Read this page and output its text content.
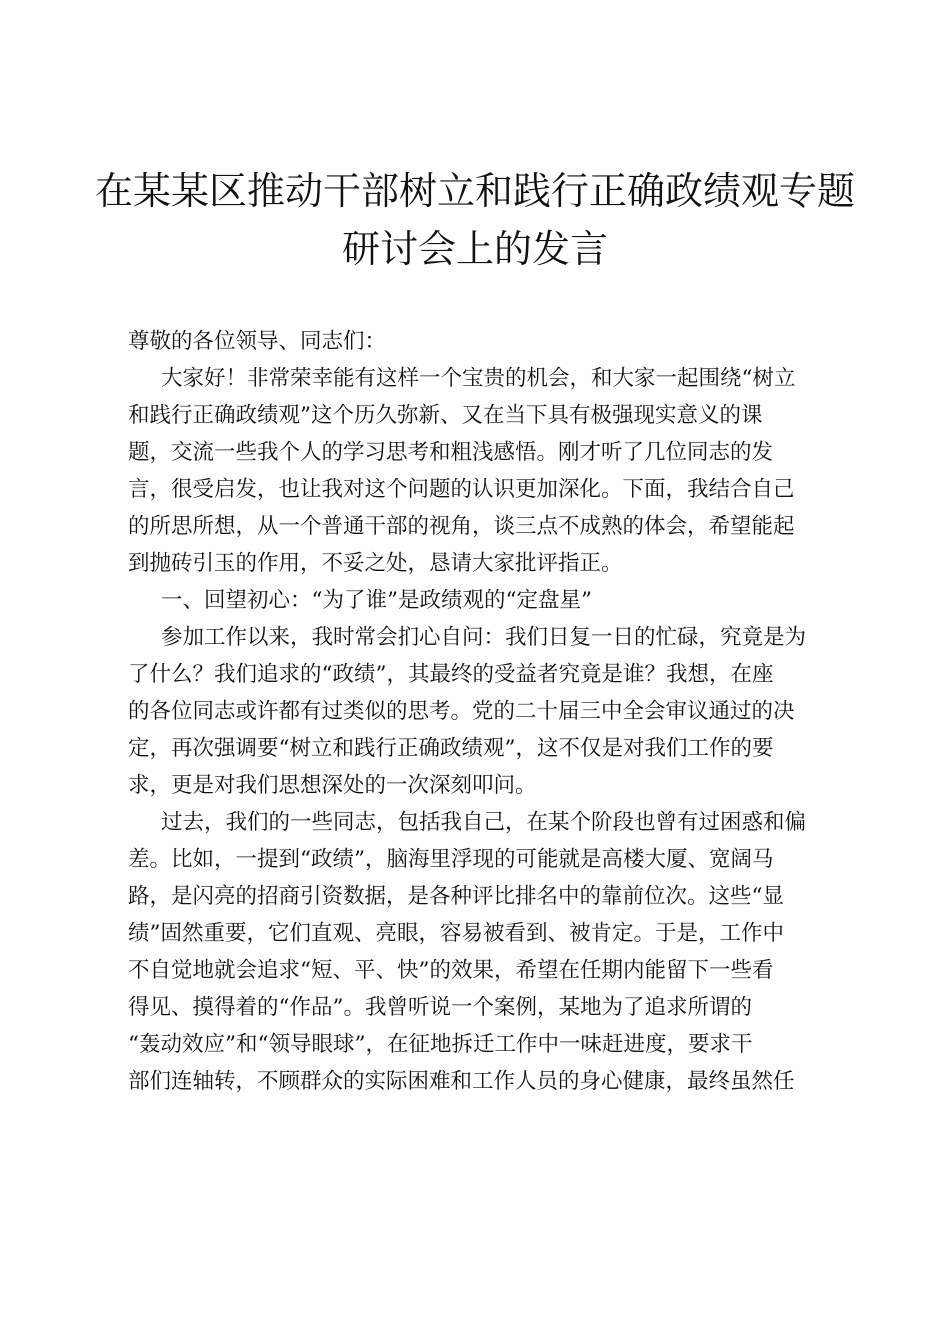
在某某区推动干部树立和践行正确政绩观专题
研讨会上的发言
尊敬的各位领导、同志们：
大家好！非常荣幸能有这样一个宝贵的机会，和大家一起围绕“树立
和践行正确政绩观”这个历久弥新、又在当下具有极强现实意义的课
题，交流一些我个人的学习思考和粗浅感悟。刚才听了几位同志的发
言，很受启发，也让我对这个问题的认识更加深化。下面，我结合自己
的所思所想，从一个普通干部的视角，谈三点不成熟的体会，希望能起
到抛砖引玉的作用，不妥之处，恳请大家批评指正。
一、回望初心：“为了谁”是政绩观的“定盘星”
参加工作以来，我时常会扪心自问：我们日复一日的忙碌，究竟是为
了什么？我们追求的“政绩”，其最终的受益者究竟是谁？我想，在座
的各位同志或许都有过类似的思考。党的二十届三中全会审议通过的决
定，再次强调要“树立和践行正确政绩观”，这不仅是对我们工作的要
求，更是对我们思想深处的一次深刻叩问。
过去，我们的一些同志，包括我自己，在某个阶段也曾有过困惑和偏
差。比如，一提到“政绩”，脑海里浮现的可能就是高楼大厦、宽阔马
路，是闪亮的招商引资数据，是各种评比排名中的靠前位次。这些“显
绩”固然重要，它们直观、亮眼，容易被看到、被肯定。于是，工作中
不自觉地就会追求“短、平、快”的效果，希望在任期内能留下一些看
得见、摸得着的“作品”。我曾听说一个案例，某地为了追求所谓的
“轰动效应”和“领导眼球”，在征地拆迁工作中一味赶进度，要求干
部们连轴转，不顾群众的实际困难和工作人员的身心健康，最终虽然任
